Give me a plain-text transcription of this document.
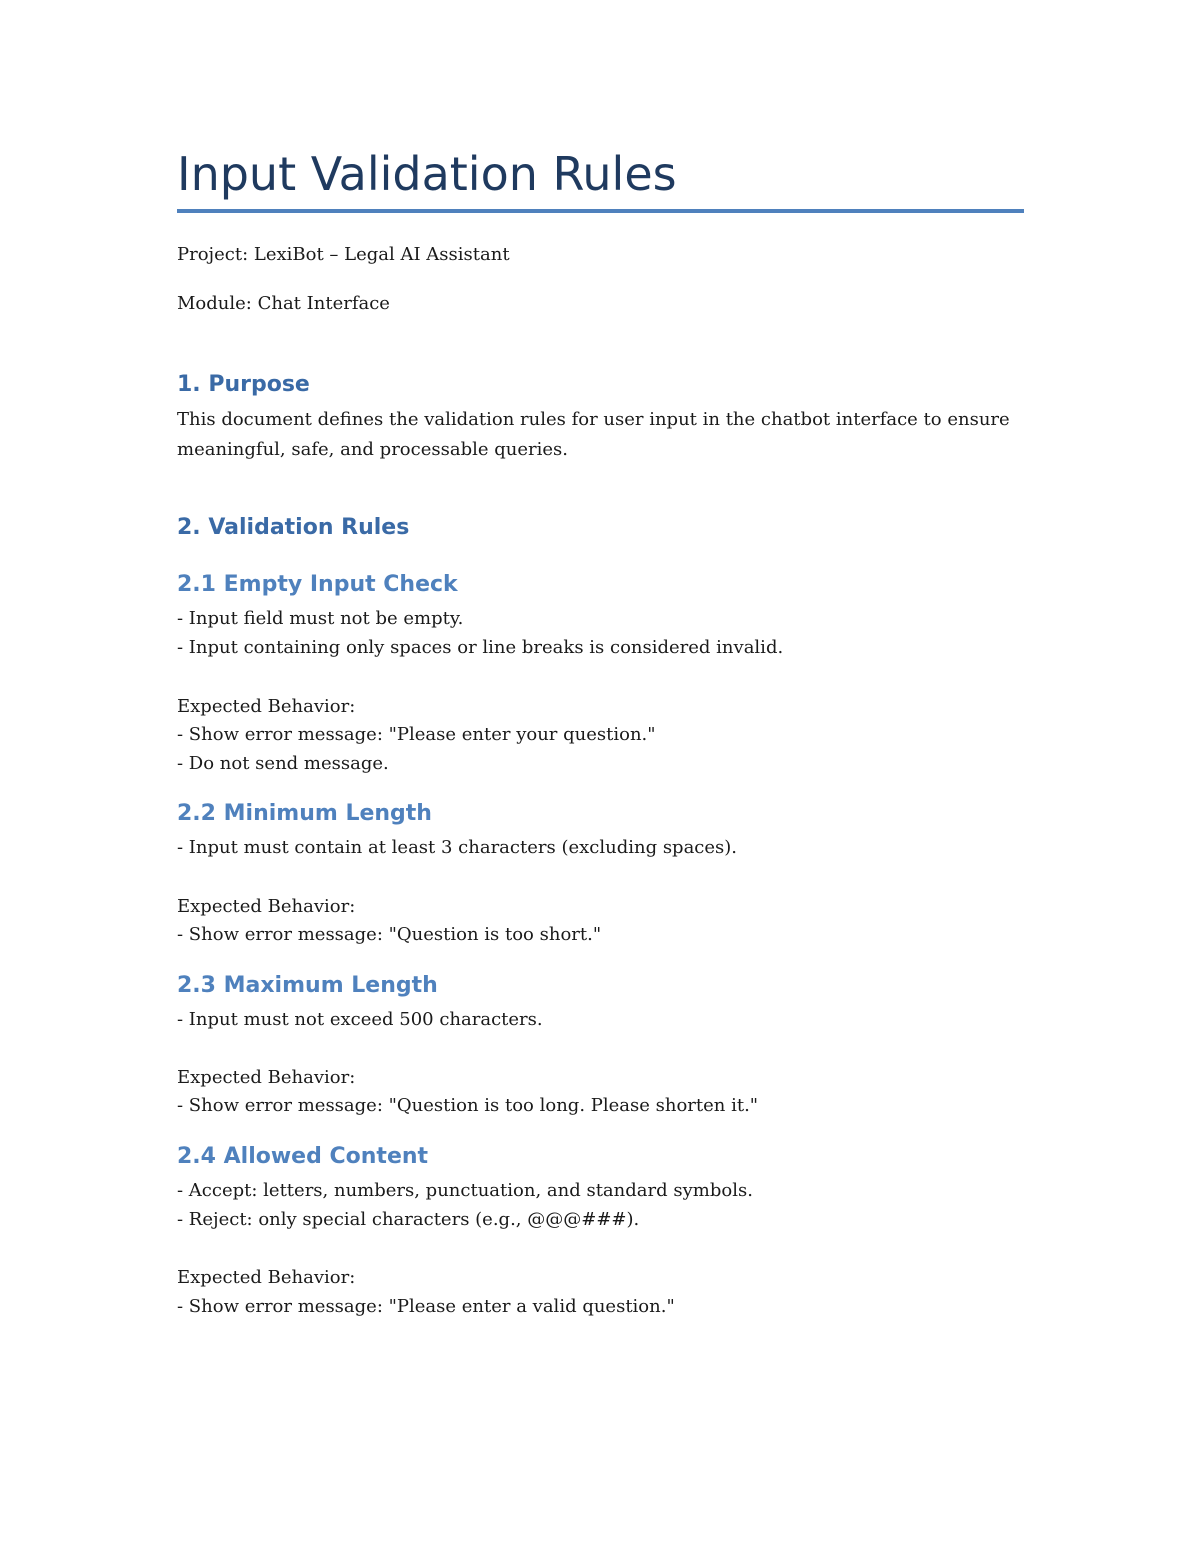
Input Validation Rules

Project: LexiBot – Legal AI Assistant

Module: Chat Interface

1. Purpose

This document defines the validation rules for user input in the chatbot interface to ensure

meaningful, safe, and processable queries.

2. Validation Rules
2.1 Empty Input Check

- Input field must not be empty.

- Input containing only spaces or line breaks is considered invalid.

Expected Behavior:

- Show error message: "Please enter your question."

- Do not send message.

2.2 Minimum Length

- Input must contain at least 3 characters (excluding spaces).

Expected Behavior:

- Show error message: "Question is too short."

2.3 Maximum Length

- Input must not exceed 500 characters.

Expected Behavior:

- Show error message: "Question is too long. Please shorten it."

2.4 Allowed Content

- Accept: letters, numbers, punctuation, and standard symbols.

- Reject: only special characters (e.g., @@@###).

Expected Behavior:

- Show error message: "Please enter a valid question."
